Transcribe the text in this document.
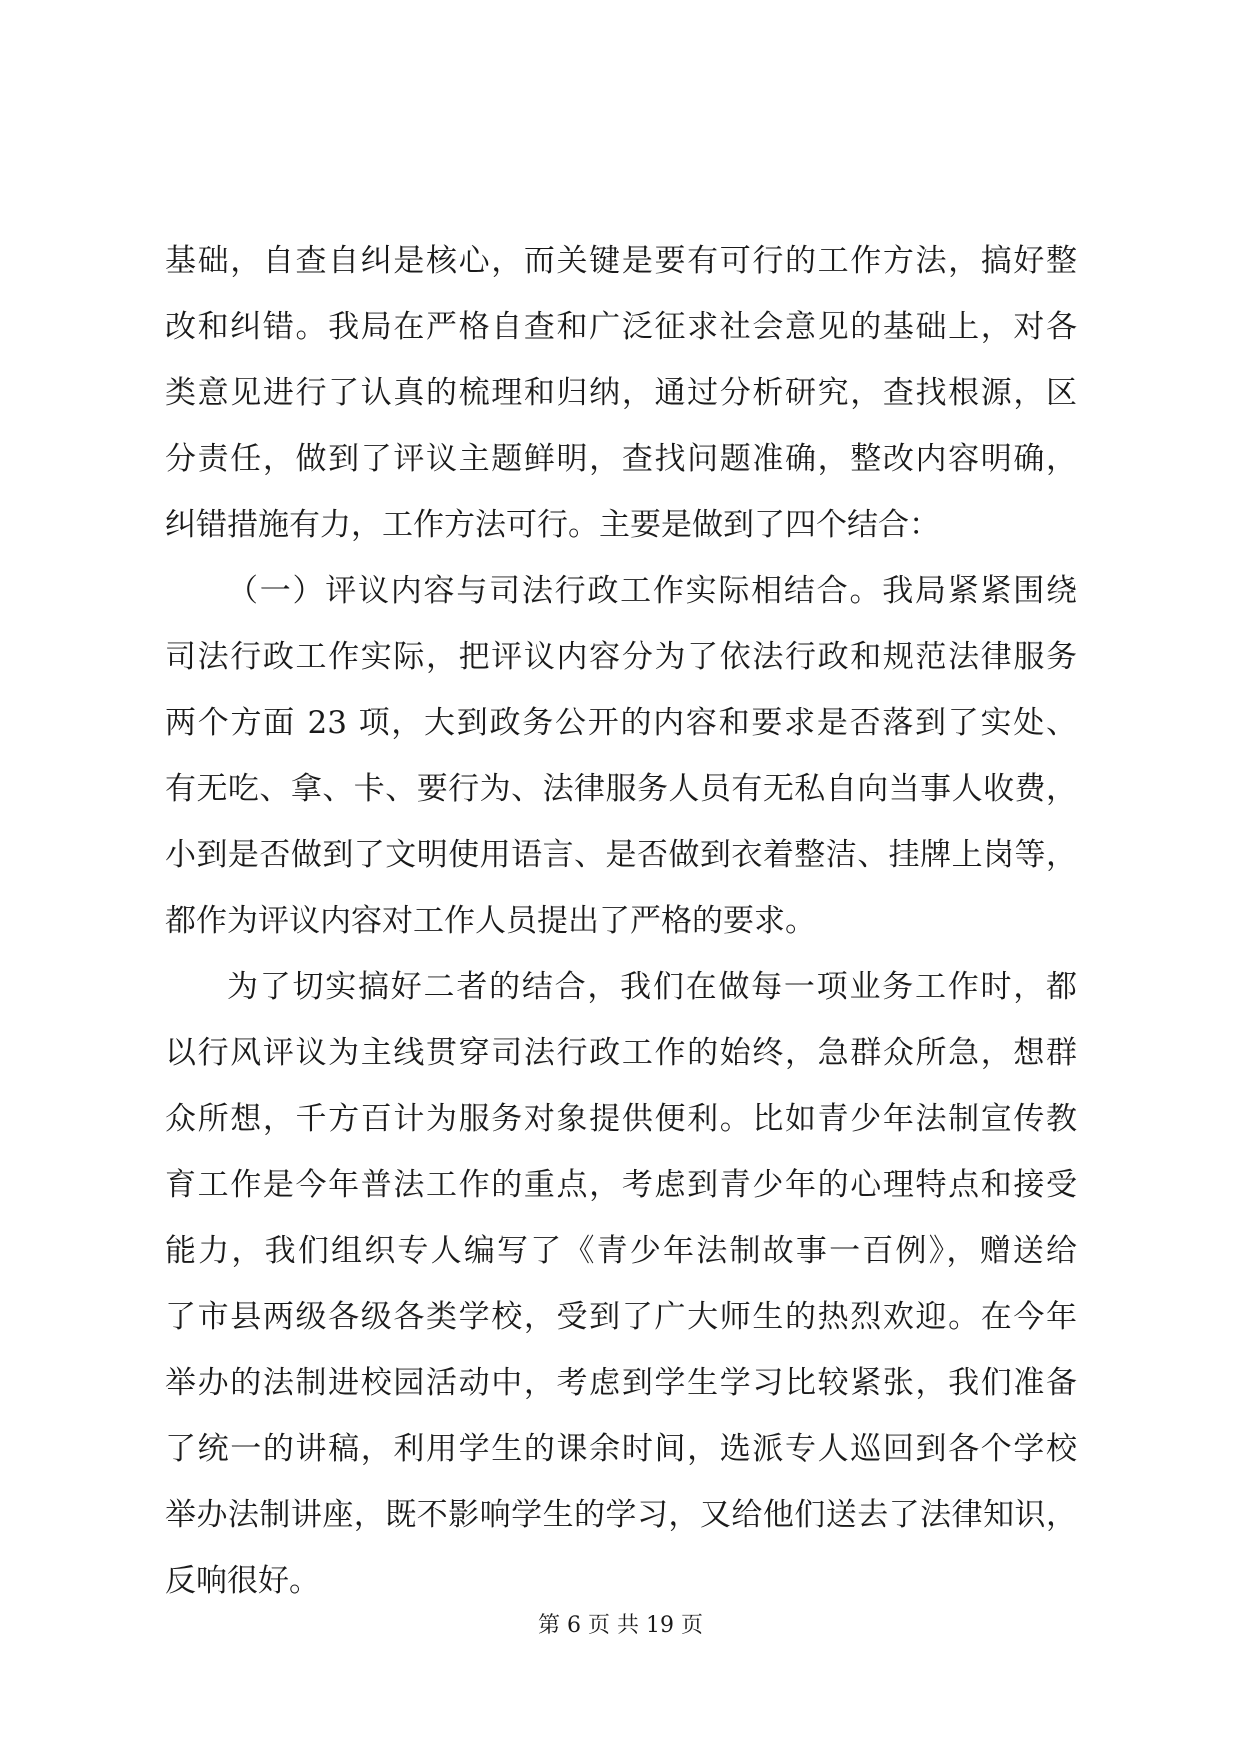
基础，自查自纠是核心，而关键是要有可行的工作方法，搞好整
改和纠错。我局在严格自查和广泛征求社会意见的基础上，对各
类意见进行了认真的梳理和归纳，通过分析研究，查找根源，区
分责任，做到了评议主题鲜明，查找问题准确，整改内容明确，
纠错措施有力，工作方法可行。主要是做到了四个结合：
（一）评议内容与司法行政工作实际相结合。我局紧紧围绕
司法行政工作实际，把评议内容分为了依法行政和规范法律服务
两个方面 23 项，大到政务公开的内容和要求是否落到了实处、
有无吃、拿、卡、要行为、法律服务人员有无私自向当事人收费，
小到是否做到了文明使用语言、是否做到衣着整洁、挂牌上岗等，
都作为评议内容对工作人员提出了严格的要求。
为了切实搞好二者的结合，我们在做每一项业务工作时，都
以行风评议为主线贯穿司法行政工作的始终，急群众所急，想群
众所想，千方百计为服务对象提供便利。比如青少年法制宣传教
育工作是今年普法工作的重点，考虑到青少年的心理特点和接受
能力，我们组织专人编写了《青少年法制故事一百例》，赠送给
了市县两级各级各类学校，受到了广大师生的热烈欢迎。在今年
举办的法制进校园活动中，考虑到学生学习比较紧张，我们准备
了统一的讲稿，利用学生的课余时间，选派专人巡回到各个学校
举办法制讲座，既不影响学生的学习，又给他们送去了法律知识，
反响很好。
第 6 页 共 19 页
